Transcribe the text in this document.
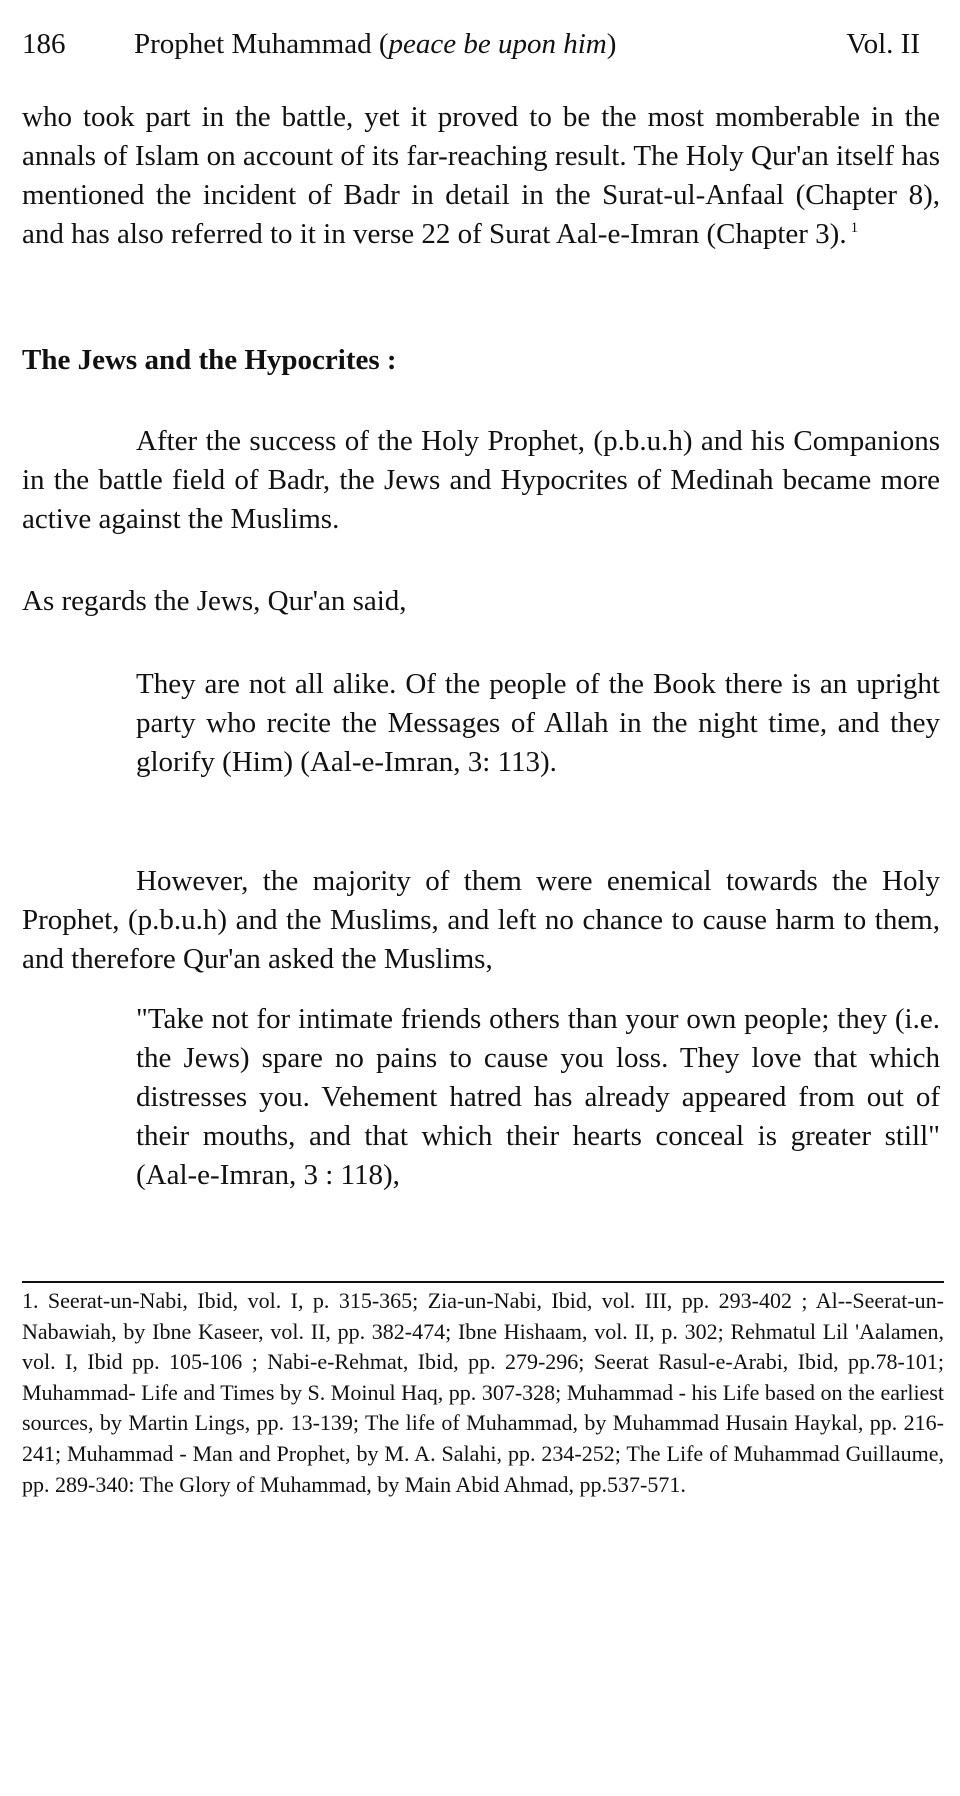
186 Prophet Muhammad (peace be upon him)	Vol. II
who took part in the battle, yet it proved to be the most momberable in the annals of Islam on account of its far-reaching result. The Holy Qur'an itself has mentioned the incident of Badr in detail in the Surat-ul-Anfaal (Chapter 8), and has also referred to it in verse 22 of Surat Aal-e-Imran (Chapter 3). $^1$
The Jews and the Hypocrites :
After the success of the Holy Prophet, (p.b.u.h) and his Companions in the battle field of Badr, the Jews and Hypocrites of Medinah became more active against the Muslims.
As regards the Jews, Qur'an said,
They are not all alike. Of the people of the Book there is an upright party who recite the Messages of Allah in the night time, and they glorify (Him) (Aal-e-Imran, 3: 113).
However, the majority of them were enemical towards the Holy Prophet, (p.b.u.h) and the Muslims, and left no chance to cause harm to them, and therefore Qur'an asked the Muslims,
"Take not for intimate friends others than your own people; they (i.e. the Jews) spare no pains to cause you loss. They love that which distresses you. Vehement hatred has already appeared from out of their mouths, and that which their hearts conceal is greater still" (Aal-e-Imran, 3 : 118),
1. Seerat-un-Nabi, Ibid, vol. I, p. 315-365; Zia-un-Nabi, Ibid, vol. III, pp. 293-402 ; Al--Seerat-un-Nabawiah, by Ibne Kaseer, vol. II, pp. 382-474; Ibne Hishaam, vol. II, p. 302; Rehmatul Lil 'Aalamen, vol. I, Ibid pp. 105-106 ; Nabi-e-Rehmat, Ibid, pp. 279-296; Seerat Rasul-e-Arabi, Ibid, pp.78-101; Muhammad- Life and Times by S. Moinul Haq, pp. 307-328; Muhammad - his Life based on the earliest sources, by Martin Lings, pp. 13-139; The life of Muhammad, by Muhammad Husain Haykal, pp. 216-241; Muhammad - Man and Prophet, by M. A. Salahi, pp. 234-252; The Life of Muhammad Guillaume, pp. 289-340: The Glory of Muhammad, by Main Abid Ahmad, pp.537-571.
